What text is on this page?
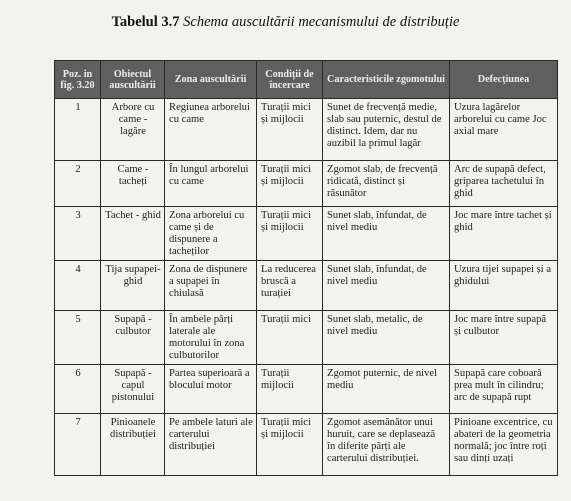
Tabelul 3.7 Schema auscultării mecanismului de distribuție
Poz. in fig. 3.20	Obiectul auscultării	Zona auscultării	Condiții de încercare	Caracteristicile zgomotului	Defecțiunea
1	Arbore cu came - lagăre	Regiunea arborelui cu came	Turații mici și mijlocii	Sunet de frecvență medie, slab sau puternic, destul de distinct. Idem, dar nu auzibil la primul lagăr	Uzura lagărelor arborelui cu came Joc axial mare
2	Came - tacheți	În lungul arborelui cu came	Turații mici și mijlocii	Zgomot slab, de frecvență ridicată, distinct și răsunător	Arc de supapă defect, griparea tachetului în ghid
3	Tachet - ghid	Zona arborelui cu came și de dispunere a tacheților	Turații mici și mijlocii	Sunet slab, înfundat, de nivel mediu	Joc mare între tachet și ghid
4	Tija supapei-ghid	Zona de dispunere a supapei în chiulasă	La reducerea bruscă a turației	Sunet slab, înfundat, de nivel mediu	Uzura tijei supapei și a ghidului
5	Supapă - culbutor	În ambele părți laterale ale motorului în zona culbutorilor	Turații mici	Sunet slab, metalic, de nivel mediu	Joc mare între supapă și culbutor
6	Supapă - capul pistonului	Partea superioară a blocului motor	Turații mijlocii	Zgomot puternic, de nivel mediu	Supapă care coboară prea mult în cilindru; arc de supapă rupt
7	Pinioanele distribuției	Pe ambele laturi ale carterului distribuției	Turații mici și mijlocii	Zgomot asemănător unui huruit, care se deplasează în diferite părți ale carterului distribuției.	Pinioane excentrice, cu abateri de la geometria normală; joc între roți sau dinți uzați
